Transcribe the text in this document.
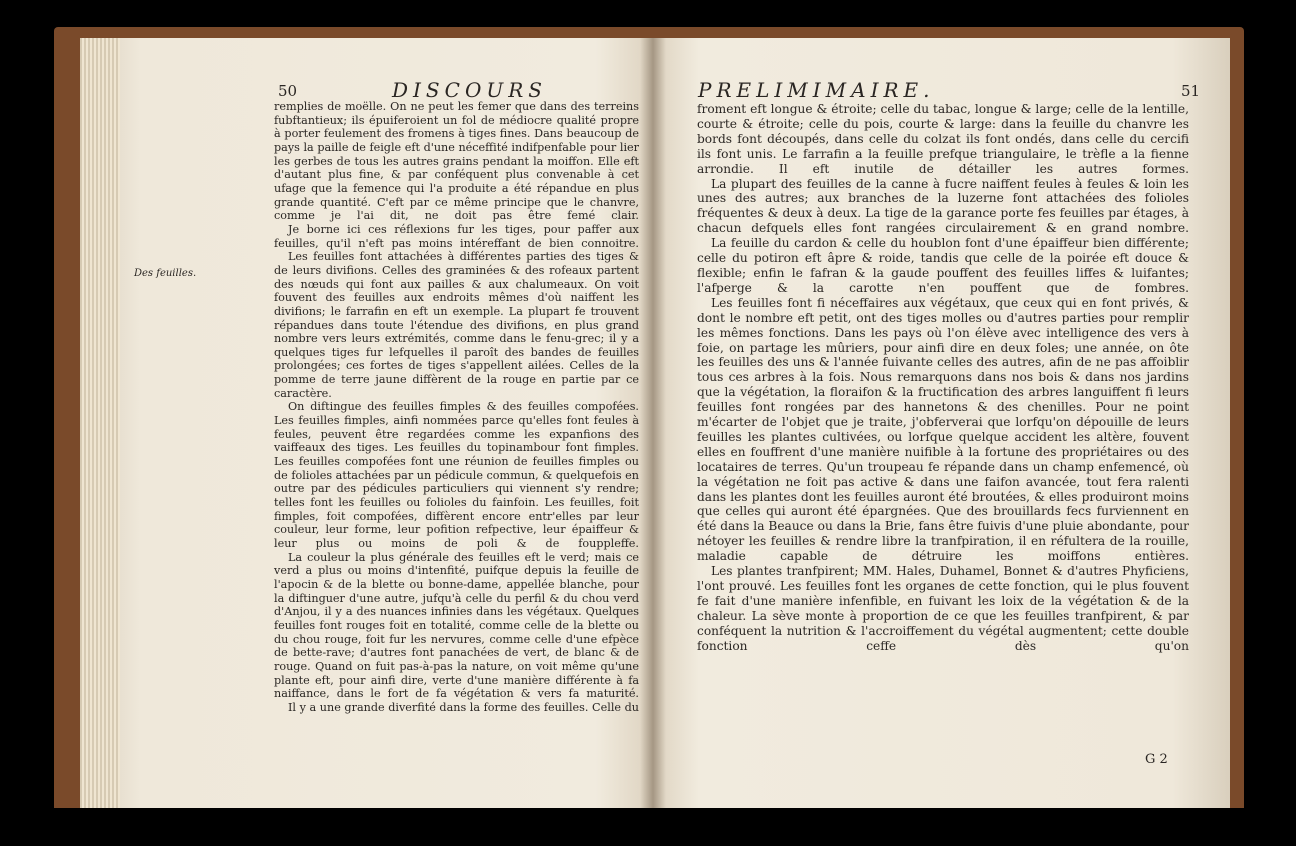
50	DISCOURS
Des feuilles.

remplies de moëlle. On ne peut les femer que dans des terreins fubftantieux; ils épuiferoient un fol de médiocre qualité propre à porter feulement des fromens à tiges fines. Dans beaucoup de pays la paille de feigle eft d'une néceffité indifpenfable pour lier les gerbes de tous les autres grains pendant la moiffon. Elle eft d'autant plus fine, & par conféquent plus convenable à cet ufage que la femence qui l'a produite a été répandue en plus grande quantité. C'eft par ce même principe que le chanvre, comme je l'ai dit, ne doit pas être femé clair.

Je borne ici ces réflexions fur les tiges, pour paffer aux feuilles, qu'il n'eft pas moins intéreffant de bien connoitre.

Les feuilles font attachées à différentes parties des tiges & de leurs divifions. Celles des graminées & des rofeaux partent des nœuds qui font aux pailles & aux chalumeaux. On voit fouvent des feuilles aux endroits mêmes d'où naiffent les divifions; le farrafin en eft un exemple. La plupart fe trouvent répandues dans toute l'étendue des divifions, en plus grand nombre vers leurs extrémités, comme dans le fenu-grec; il y a quelques tiges fur lefquelles il paroît des bandes de feuilles prolongées; ces fortes de tiges s'appellent ailées. Celles de la pomme de terre jaune diffèrent de la rouge en partie par ce caractère.

On diftingue des feuilles fimples & des feuilles compofées. Les feuilles fimples, ainfi nommées parce qu'elles font feules à feules, peuvent être regardées comme les expanfions des vaiffeaux des tiges. Les feuilles du topinambour font fimples. Les feuilles compofées font une réunion de feuilles fimples ou de folioles attachées par un pédicule commun, & quelquefois en outre par des pédicules particuliers qui viennent s'y rendre; telles font les feuilles ou folioles du fainfoin. Les feuilles, foit fimples, foit compofées, diffèrent encore entr'elles par leur couleur, leur forme, leur pofition refpective, leur épaiffeur & leur plus ou moins de poli & de fouppleffe.

La couleur la plus générale des feuilles eft le verd; mais ce verd a plus ou moins d'intenfité, puifque depuis la feuille de l'apocin & de la blette ou bonne-dame, appellée blanche, pour la diftinguer d'une autre, jufqu'à celle du perfil & du chou verd d'Anjou, il y a des nuances infinies dans les végétaux. Quelques feuilles font rouges foit en totalité, comme celle de la blette ou du chou rouge, foit fur les nervures, comme celle d'une efpèce de bette-rave; d'autres font panachées de vert, de blanc & de rouge. Quand on fuit pas-à-pas la nature, on voit même qu'une plante eft, pour ainfi dire, verte d'une manière différente à fa naiffance, dans le fort de fa végétation & vers fa maturité.

Il y a une grande diverfité dans la forme des feuilles. Celle du

PRELIMIMAIRE.	51

froment eft longue & étroite; celle du tabac, longue & large; celle de la lentille, courte & étroite; celle du pois, courte & large: dans la feuille du chanvre les bords font découpés, dans celle du colzat ils font ondés, dans celle du cercifi ils font unis. Le farrafin a la feuille prefque triangulaire, le trèfle a la fienne arrondie. Il eft inutile de détailler les autres formes.

La plupart des feuilles de la canne à fucre naiffent feules à feules & loin les unes des autres; aux branches de la luzerne font attachées des folioles fréquentes & deux à deux. La tige de la garance porte fes feuilles par étages, à chacun defquels elles font rangées circulairement & en grand nombre.

La feuille du cardon & celle du houblon font d'une épaiffeur bien différente; celle du potiron eft âpre & roide, tandis que celle de la poirée eft douce & flexible; enfin le fafran & la gaude pouffent des feuilles liffes & luifantes; l'afperge & la carotte n'en pouffent que de fombres.

Les feuilles font fi néceffaires aux végétaux, que ceux qui en font privés, & dont le nombre eft petit, ont des tiges molles ou d'autres parties pour remplir les mêmes fonctions. Dans les pays où l'on élève avec intelligence des vers à foie, on partage les mûriers, pour ainfi dire en deux foles; une année, on ôte les feuilles des uns & l'année fuivante celles des autres, afin de ne pas affoiblir tous ces arbres à la fois. Nous remarquons dans nos bois & dans nos jardins que la végétation, la floraifon & la fructification des arbres languiffent fi leurs feuilles font rongées par des hannetons & des chenilles. Pour ne point m'écarter de l'objet que je traite, j'obferverai que lorfqu'on dépouille de leurs feuilles les plantes cultivées, ou lorfque quelque accident les altère, fouvent elles en fouffrent d'une manière nuifible à la fortune des propriétaires ou des locataires de terres. Qu'un troupeau fe répande dans un champ enfemencé, où la végétation ne foit pas active & dans une faifon avancée, tout fera ralenti dans les plantes dont les feuilles auront été broutées, & elles produiront moins que celles qui auront été épargnées. Que des brouillards fecs furviennent en été dans la Beauce ou dans la Brie, fans être fuivis d'une pluie abondante, pour nétoyer les feuilles & rendre libre la tranfpiration, il en réfultera de la rouille, maladie capable de détruire les moiffons entières.

Les plantes tranfpirent; MM. Hales, Duhamel, Bonnet & d'autres Phyficiens, l'ont prouvé. Les feuilles font les organes de cette fonction, qui le plus fouvent fe fait d'une manière infenfible, en fuivant les loix de la végétation & de la chaleur. La sève monte à proportion de ce que les feuilles tranfpirent, & par conféquent la nutrition & l'accroiffement du végétal augmentent; cette double fonction ceffe dès qu'on

G 2
